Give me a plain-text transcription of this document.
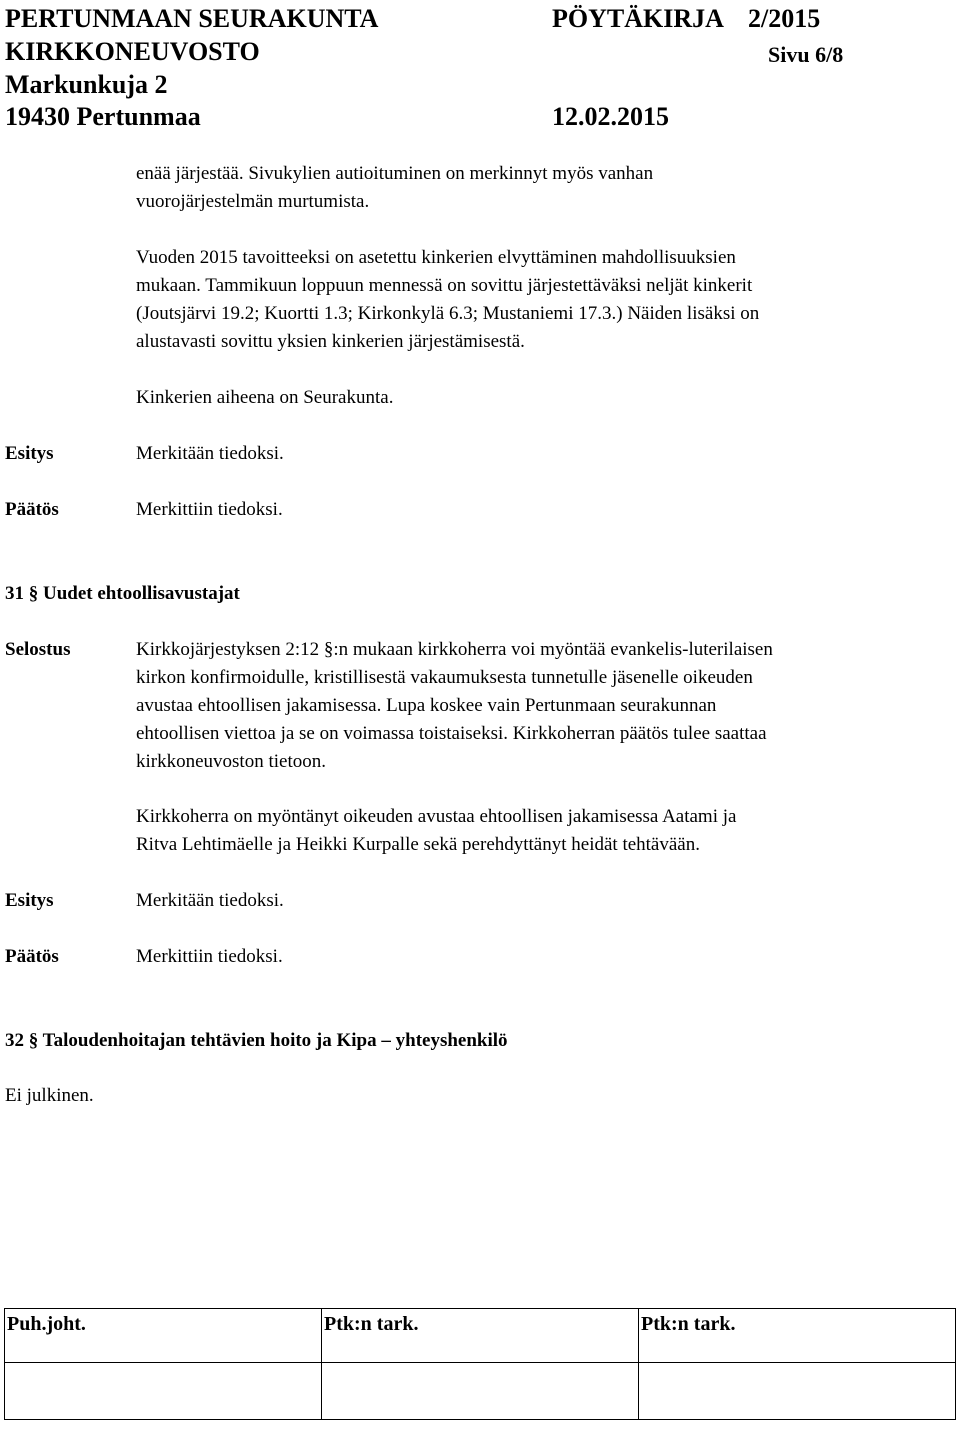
PERTUNMAAN SEURAKUNTA	PÖYTÄKIRJA 2/2015
KIRKKONEUVOSTO	Sivu 6/8
Markunkuja 2
19430 Pertunmaa	12.02.2015
enää järjestää. Sivukylien autioituminen on merkinnyt myös vanhan
vuorojärjestelmän murtumista.
Vuoden 2015 tavoitteeksi on asetettu kinkerien elvyttäminen mahdollisuuksien
mukaan. Tammikuun loppuun mennessä on sovittu järjestettäväksi neljät kinkerit
(Joutsjärvi 19.2; Kuortti 1.3; Kirkonkylä 6.3; Mustaniemi 17.3.) Näiden lisäksi on
alustavasti sovittu yksien kinkerien järjestämisestä.
Kinkerien aiheena on Seurakunta.
Esitys	Merkitään tiedoksi.
Päätös	Merkittiin tiedoksi.
31 § Uudet ehtoollisavustajat
Selostus	Kirkkojärjestyksen 2:12 §:n mukaan kirkkoherra voi myöntää evankelis-luterilaisen
kirkon konfirmoidulle, kristillisestä vakaumuksesta tunnetulle jäsenelle oikeuden
avustaa ehtoollisen jakamisessa. Lupa koskee vain Pertunmaan seurakunnan
ehtoollisen viettoa ja se on voimassa toistaiseksi. Kirkkoherran päätös tulee saattaa
kirkkoneuvoston tietoon.
Kirkkoherra on myöntänyt oikeuden avustaa ehtoollisen jakamisessa Aatami ja
Ritva Lehtimäelle ja Heikki Kurpalle sekä perehdyttänyt heidät tehtävään.
Esitys	Merkitään tiedoksi.
Päätös	Merkittiin tiedoksi.
32 § Taloudenhoitajan tehtävien hoito ja Kipa – yhteyshenkilö
Ei julkinen.
Puh.joht.	Ptk:n tark.	Ptk:n tark.
